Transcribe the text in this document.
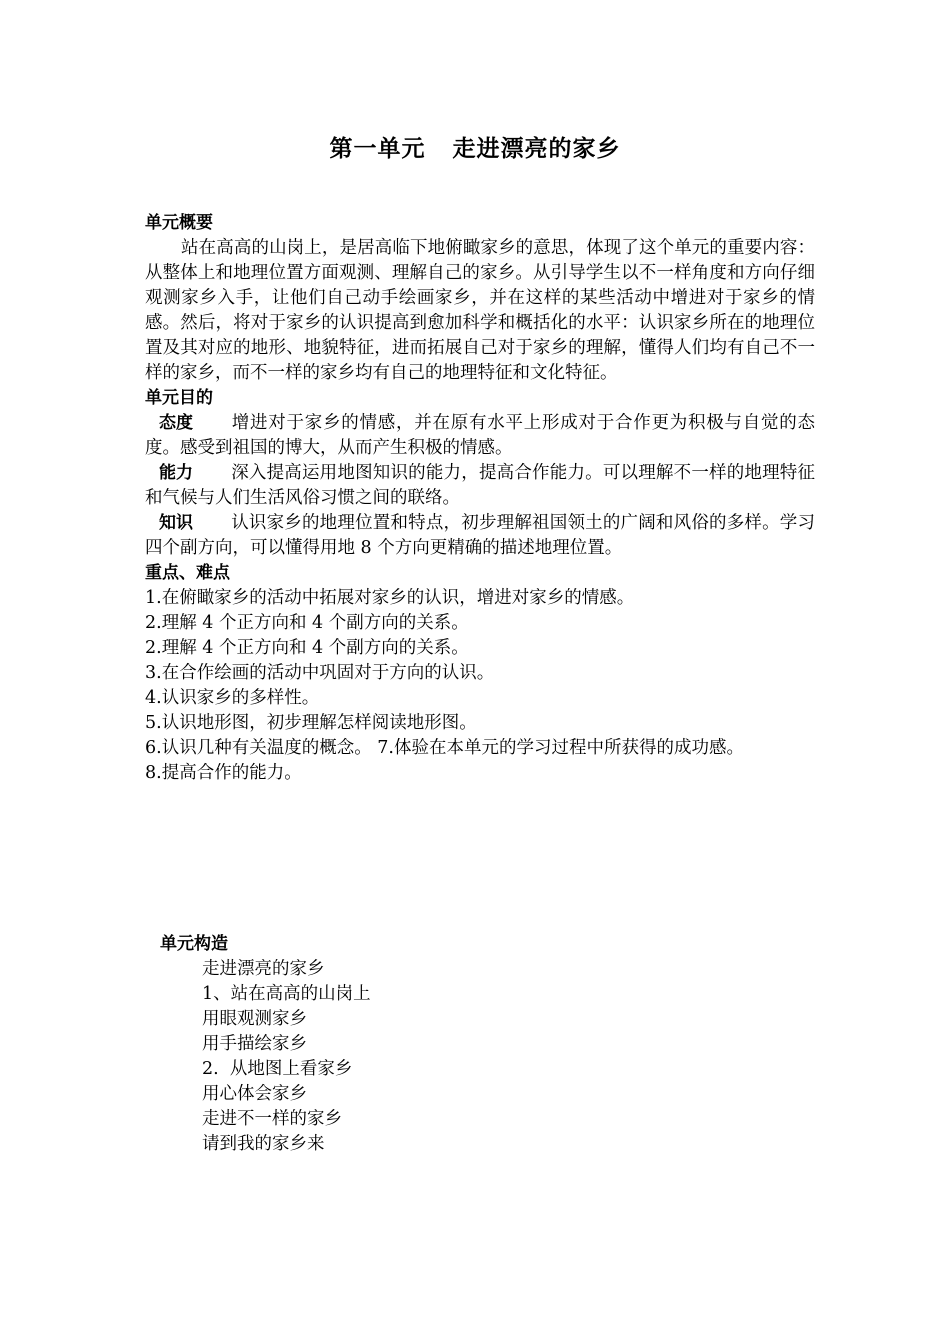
第一单元   走进漂亮的家乡
单元概要
站在高高的山岗上，是居高临下地俯瞰家乡的意思，体现了这个单元的重要内容：从整体上和地理位置方面观测、理解自己的家乡。从引导学生以不一样角度和方向仔细观测家乡入手，让他们自己动手绘画家乡，并在这样的某些活动中增进对于家乡的情感。然后，将对于家乡的认识提高到愈加科学和概括化的水平：认识家乡所在的地理位置及其对应的地形、地貌特征，进而拓展自己对于家乡的理解，懂得人们均有自己不一样的家乡，而不一样的家乡均有自己的地理特征和文化特征。
单元目的
态度 增进对于家乡的情感，并在原有水平上形成对于合作更为积极与自觉的态度。感受到祖国的博大，从而产生积极的情感。
能力 深入提高运用地图知识的能力，提高合作能力。可以理解不一样的地理特征和气候与人们生活风俗习惯之间的联络。
知识 认识家乡的地理位置和特点，初步理解祖国领土的广阔和风俗的多样。学习四个副方向，可以懂得用地 8 个方向更精确的描述地理位置。
重点、难点
1.在俯瞰家乡的活动中拓展对家乡的认识，增进对家乡的情感。
2.理解 4 个正方向和 4 个副方向的关系。
2.理解 4 个正方向和 4 个副方向的关系。
3.在合作绘画的活动中巩固对于方向的认识。
4.认识家乡的多样性。
5.认识地形图，初步理解怎样阅读地形图。
6.认识几种有关温度的概念。 7.体验在本单元的学习过程中所获得的成功感。
8.提高合作的能力。
单元构造
走进漂亮的家乡
1、站在高高的山岗上
用眼观测家乡
用手描绘家乡
2.  从地图上看家乡
用心体会家乡
走进不一样的家乡
请到我的家乡来
